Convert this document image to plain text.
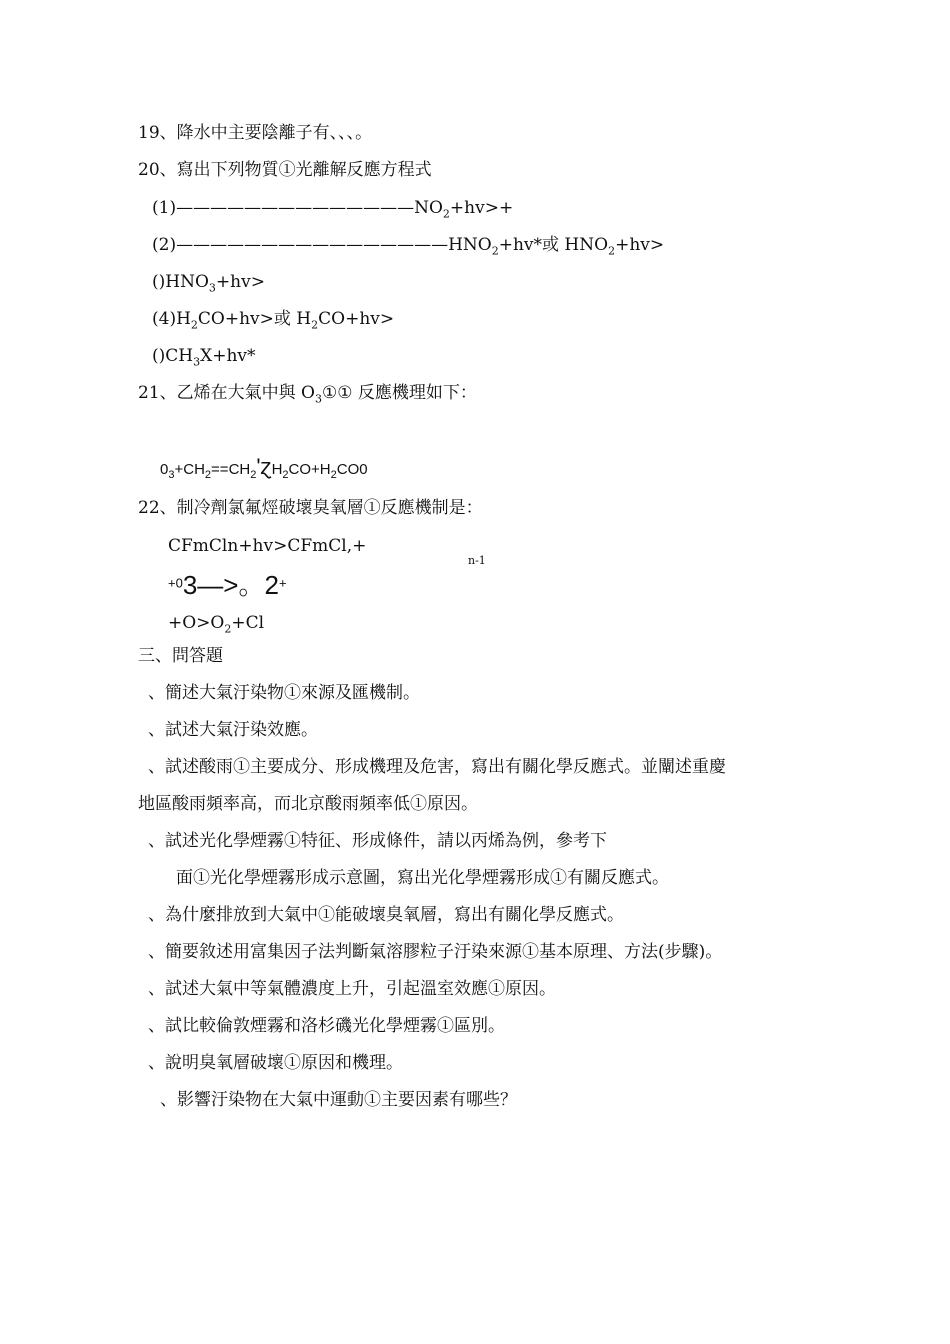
19、降水中主要陰離子有、、、。
20、寫出下列物質①光離解反應方程式
$(1)——————————————NO_2+hv>+$
$(2)————————————————HNO_2+hv*$或 $HNO_2+hv>$
$()HNO_3+hv>$
$(4)H_2CO+hv>$或 $H_2CO+hv>$
$()CH_3X+hv*$
21、乙烯在大氣中與 $O_3①①$ 反應機理如下：
$0_3+CH_2==CH_2'ɀH_2CO+H_2CO0$
22、制冷劑氯氟烴破壞臭氧層①反應機制是：
CFmCln+hv>CFmCl,+
n-1
$^{+0}$3—>。2+
$+O>O_2+Cl$
三、問答題
、簡述大氣汙染物①來源及匯機制。
、試述大氣汙染效應。
、試述酸雨①主要成分、形成機理及危害，寫出有關化學反應式。並闡述重慶
地區酸雨頻率高，而北京酸雨頻率低①原因。
、試述光化學煙霧①特征、形成條件，請以丙烯為例，參考下
面①光化學煙霧形成示意圖，寫出光化學煙霧形成①有關反應式。
、為什麼排放到大氣中①能破壞臭氧層，寫出有關化學反應式。
、簡要敘述用富集因子法判斷氣溶膠粒子汙染來源①基本原理、方法(步驟)。
、試述大氣中等氣體濃度上升，引起溫室效應①原因。
、試比較倫敦煙霧和洛杉磯光化學煙霧①區別。
、說明臭氧層破壞①原因和機理。
、影響汙染物在大氣中運動①主要因素有哪些？
